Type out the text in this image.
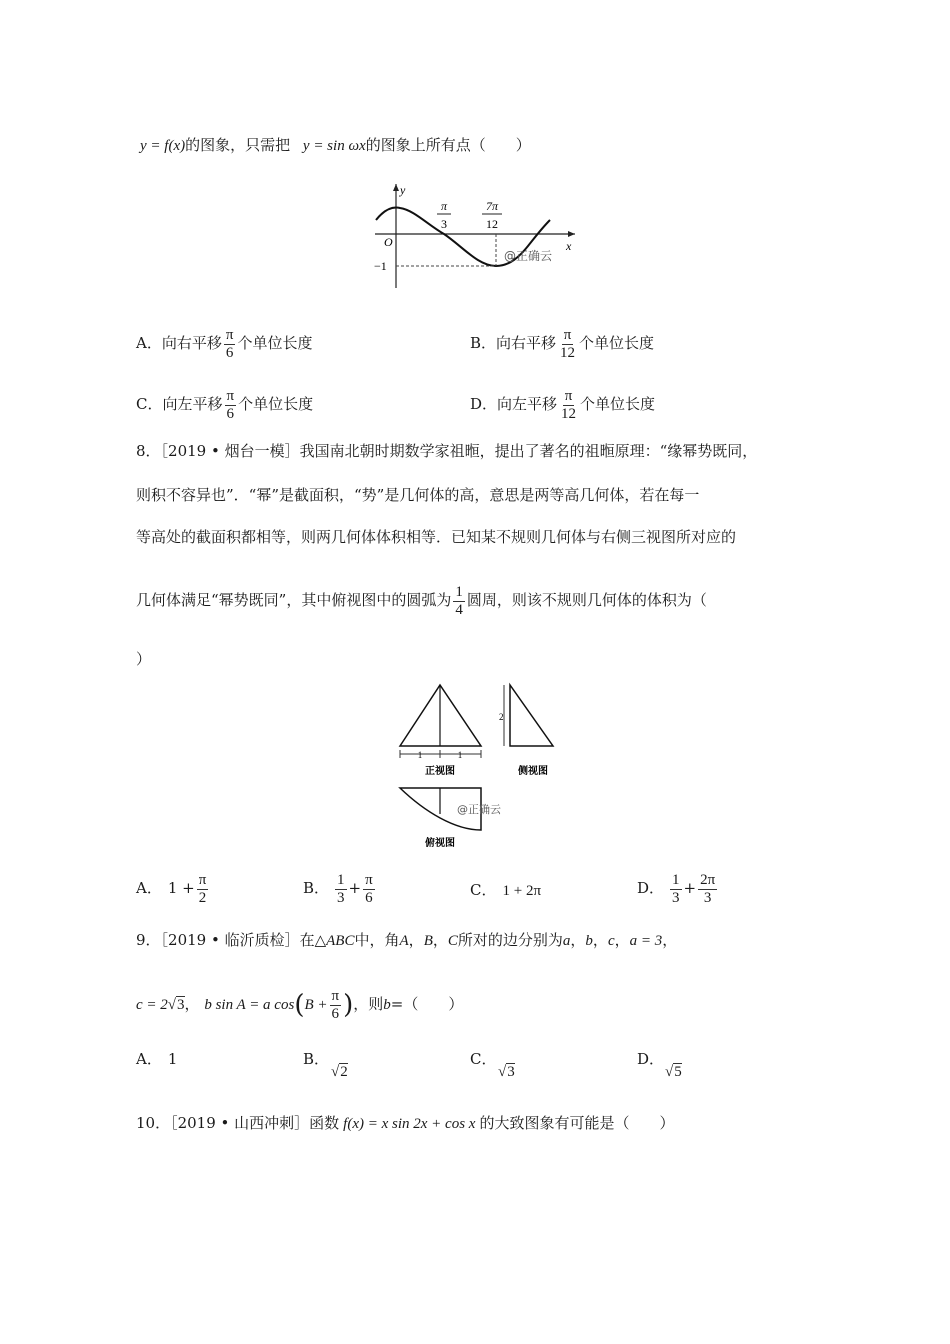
y = f(x)的图象，只需把 y = sin ωx的图象上所有点（　　）
y
x
O
π
3
7π
12
−1
@正确云
A．向右平移 $\frac{\pi}{6}$ 个单位长度	B．向右平移 $\frac{\pi}{12}$ 个单位长度
C．向左平移 $\frac{\pi}{6}$ 个单位长度	D．向左平移 $\frac{\pi}{12}$ 个单位长度
8．［2019 • 烟台一模］我国南北朝时期数学家祖暅，提出了著名的祖暅原理：“缘幂势既同，
则积不容异也”．“幂”是截面积，“势”是几何体的高，意思是两等高几何体，若在每一
等高处的截面积都相等，则两几何体体积相等．已知某不规则几何体与右侧三视图所对应的
几何体满足“幂势既同”，其中俯视图中的圆弧为 $\frac{1}{4}$ 圆周，则该不规则几何体的体积为（
）
1	1
正视图
2
侧视图
@正确云
俯视图
A． $1 + \frac{\pi}{2}$	B． $\frac{1}{3} + \frac{\pi}{6}$	C． 1 + 2π	D． $\frac{1}{3} + \frac{2\pi}{3}$
9．［2019 • 临沂质检］在△ABC中，角A，B，C所对的边分别为a，b，c，a = 3，
c = 2√3， b sin A = a $\cos(B + \frac{\pi}{6}$ )，则b=（　　）
A． 1	B．
√2
C．
√3
D．
√5
10．［2019 • 山西冲刺］函数 f(x) = x sin 2x + cos x 的大致图象有可能是（　　）
